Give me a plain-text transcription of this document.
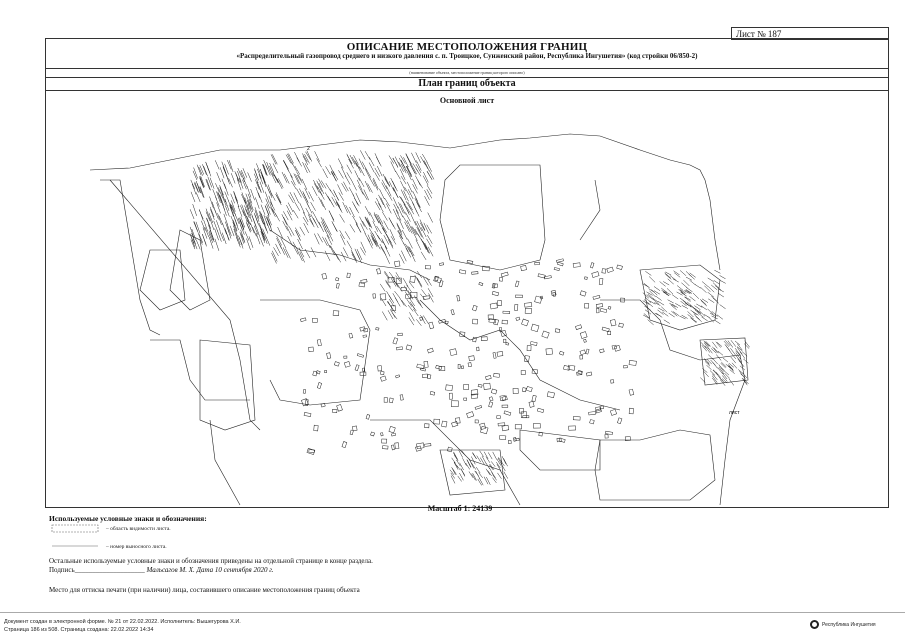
Лист № 187
ОПИСАНИЕ МЕСТОПОЛОЖЕНИЯ ГРАНИЦ
«Распределительный газопровод среднего и низкого давления с. п. Троицкое, Сунженский район, Республика Ингушетия» (код стройки 06/850-2)
(наименование объекта, местоположение границ которого описано)
План границ объекта
Основной лист
2
лист
Масштаб 1: 24139
Используемые условные знаки и обозначения:
– область видимости листа.
– номер выносного листа.
Остальные используемые условные знаки и обозначения приведены на отдельной странице в конце раздела.
Подпись____________________ Мальсагов М. Х. Дата 10 сентября 2020 г.
Место для оттиска печати (при наличии) лица, составившего описание местоположения границ объекта
Документ создан в электронной форме. № 21 от 22.02.2022. Исполнитель: Вышегурова Х.И.
Страница 186 из 508. Страница создана: 22.02.2022 14:34
Республика Ингушетия
